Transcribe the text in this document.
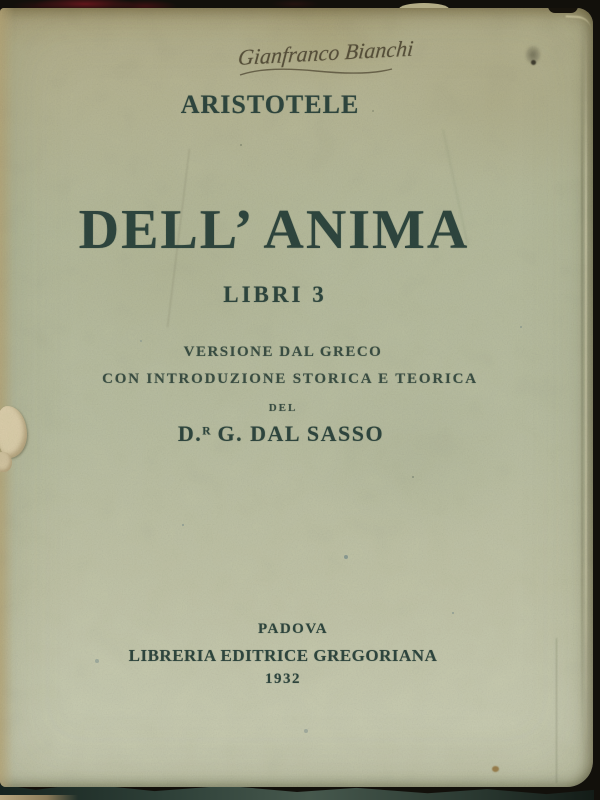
Gianfranco Bianchi
ARISTOTELE
DELL’ ANIMA
LIBRI 3
VERSIONE DAL GRECO
CON INTRODUZIONE STORICA E TEORICA
DEL
D.$^R$ G. DAL SASSO
PADOVA
LIBRERIA EDITRICE GREGORIANA
1932
